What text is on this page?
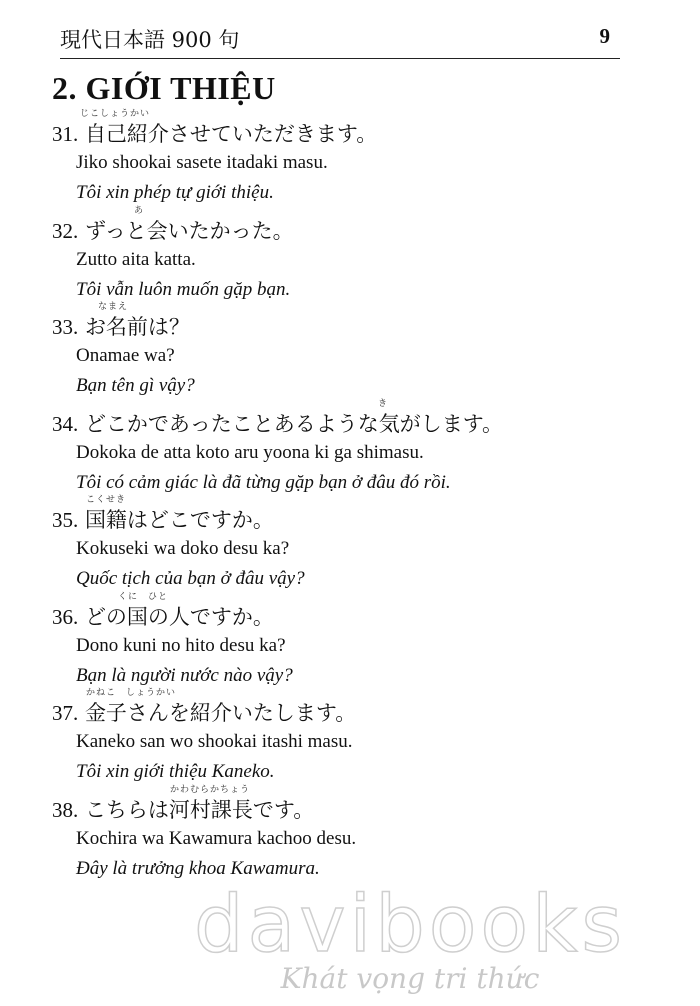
現代日本語 900 句	9
2. GIỚI THIỆU
じこしょうかい
31. 自己紹介させていただきます。
Jiko shookai sasete itadaki masu.
Tôi xin phép tự giới thiệu.
あ
32. ずっと会いたかった。
Zutto aita katta.
Tôi vẫn luôn muốn gặp bạn.
なまえ
33. お名前は？
Onamae wa?
Bạn tên gì vậy?
き
34. どこかであったことあるような気がします。
Dokoka de atta koto aru yoona ki ga shimasu.
Tôi có cảm giác là đã từng gặp bạn ở đâu đó rồi.
こくせき
35. 国籍はどこですか。
Kokuseki wa doko desu ka?
Quốc tịch của bạn ở đâu vậy?
くに　ひと
36. どの国の人ですか。
Dono kuni no hito desu ka?
Bạn là người nước nào vậy?
かねこ　しょうかい
37. 金子さんを紹介いたします。
Kaneko san wo shookai itashi masu.
Tôi xin giới thiệu Kaneko.
かわむらかちょう
38. こちらは河村課長です。
Kochira wa Kawamura kachoo desu.
Đây là trưởng khoa Kawamura.
davibooks
Khát vọng tri thức
